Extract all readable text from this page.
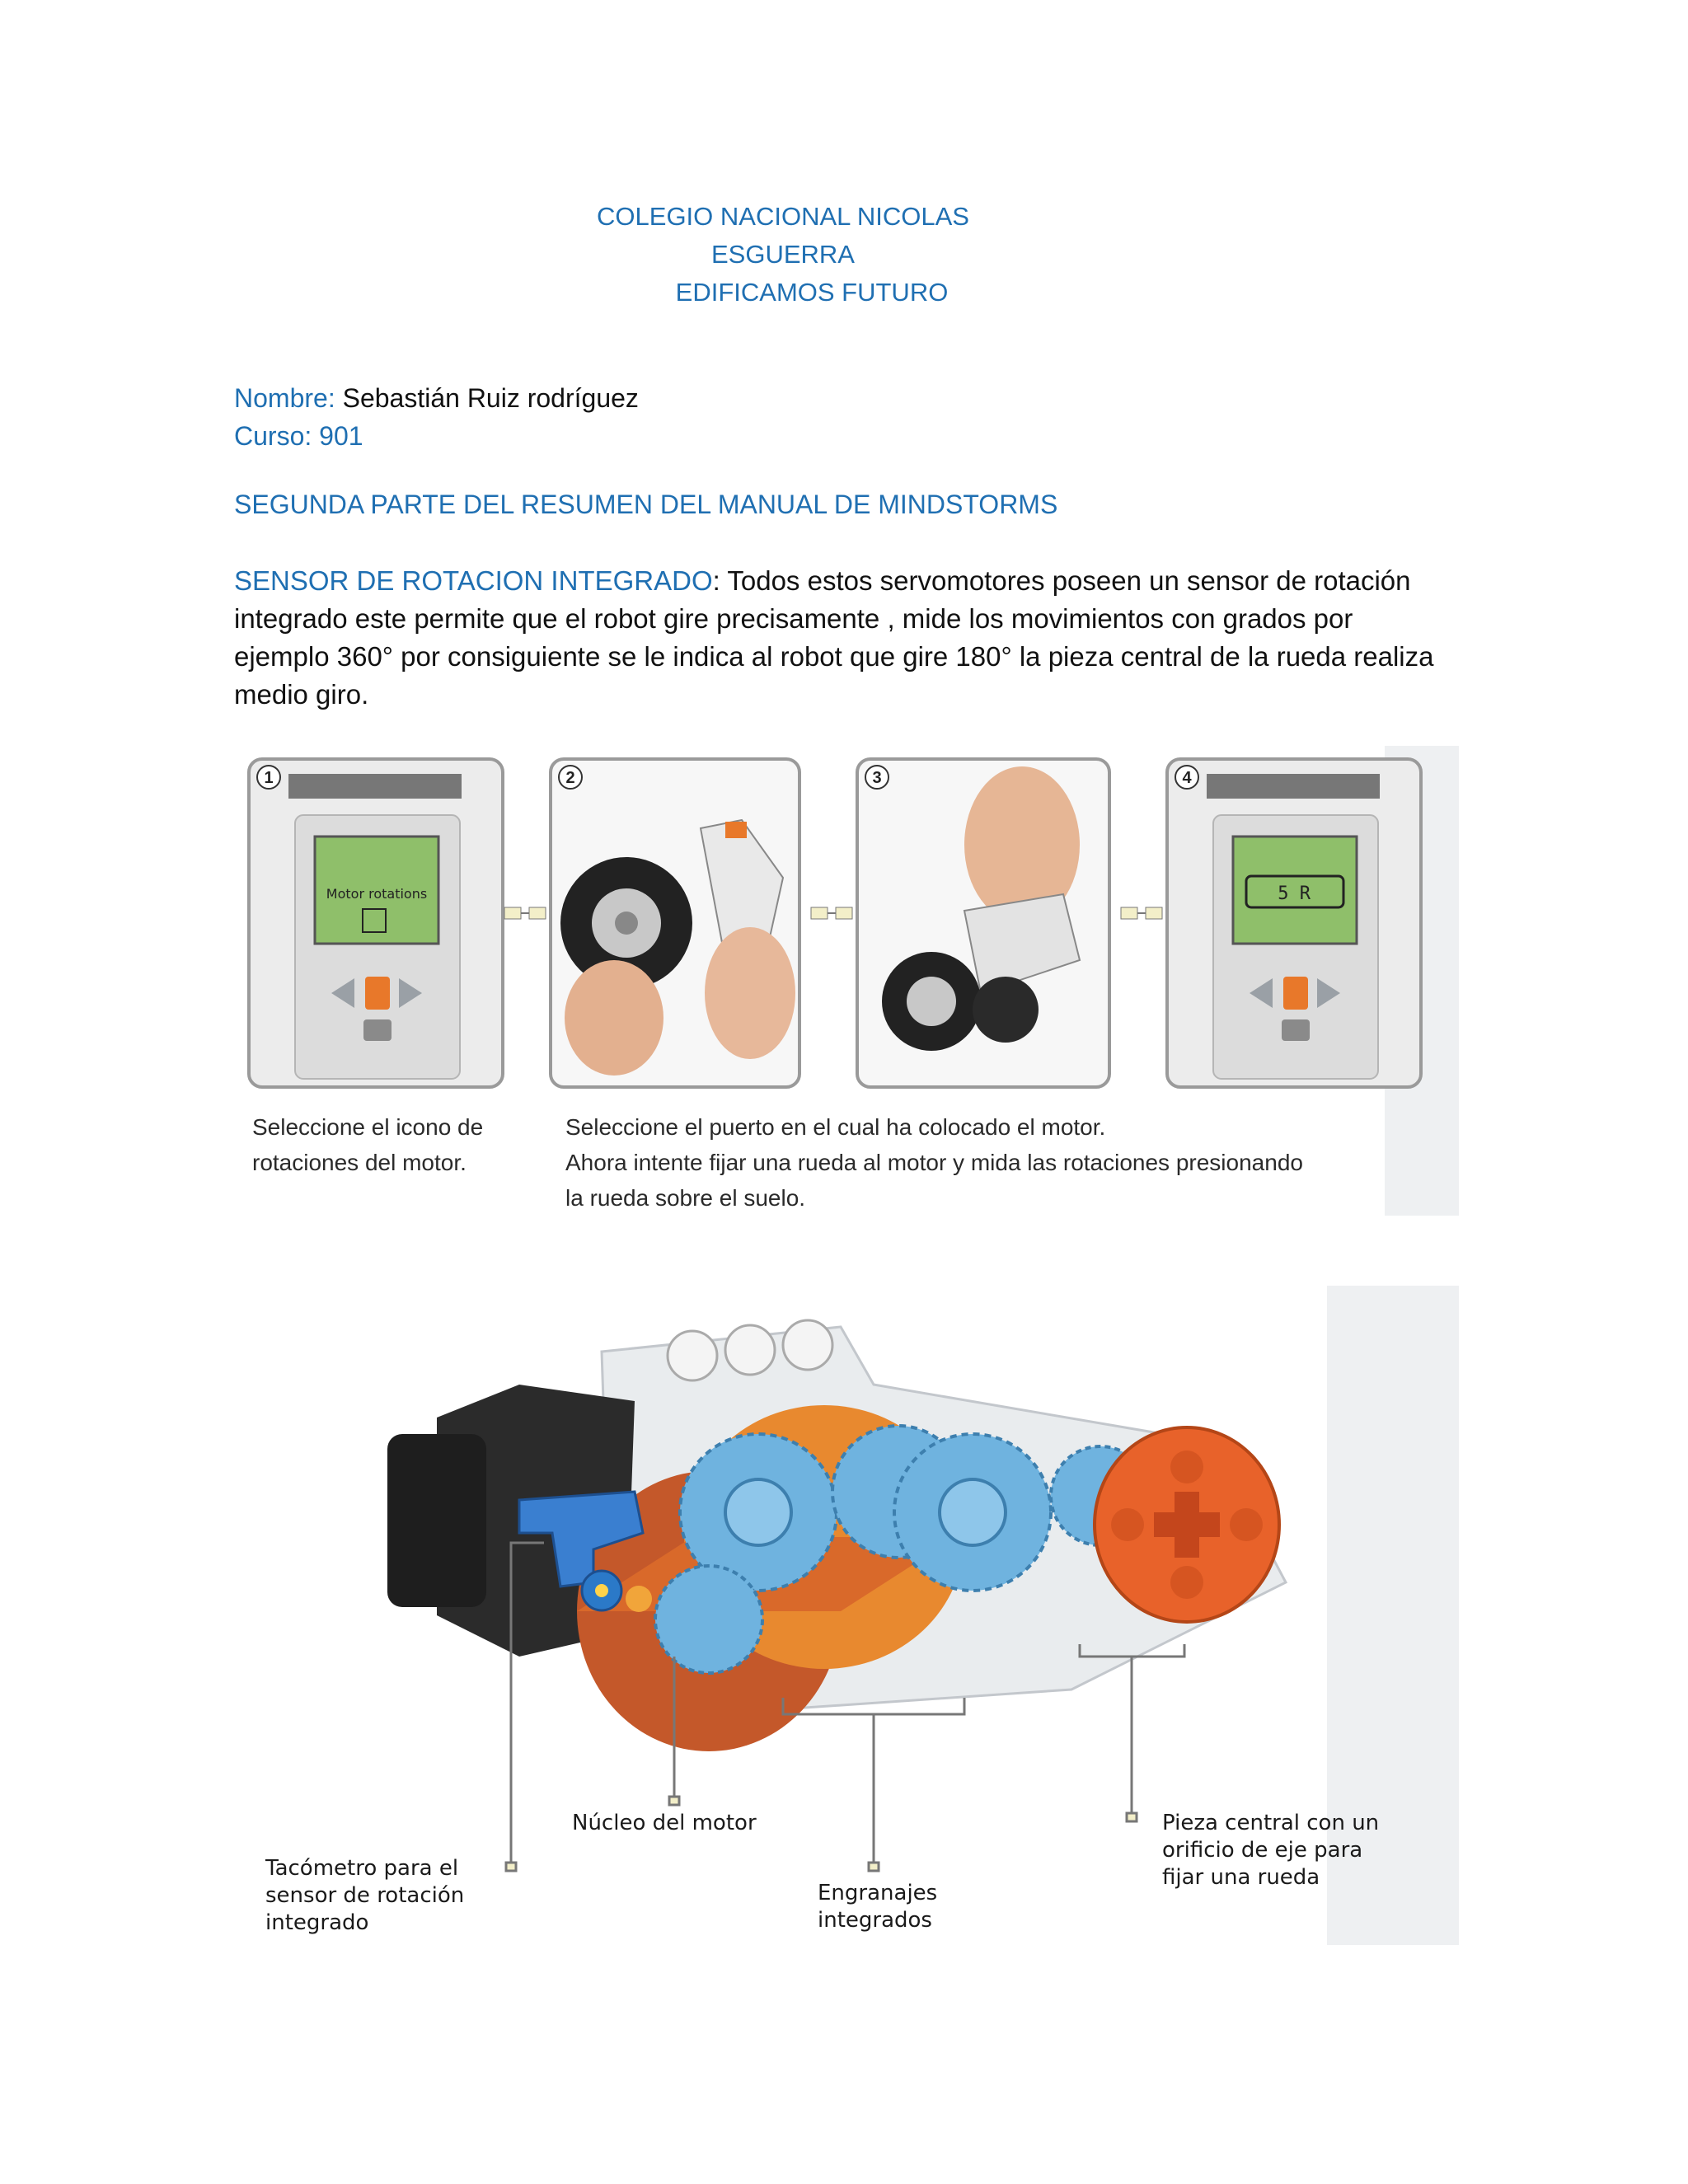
COLEGIO NACIONAL NICOLAS ESGUERRA
EDIFICAMOS FUTURO
Nombre: Sebastián Ruiz rodríguez
Curso: 901
SEGUNDA PARTE DEL RESUMEN DEL MANUAL DE MINDSTORMS
SENSOR DE ROTACION INTEGRADO: Todos estos servomotores poseen un sensor de rotación integrado este permite que el robot gire precisamente , mide los movimientos con grados por ejemplo 360° por consiguiente se le indica al robot que gire 180° la pieza central de la rueda realiza medio giro.
Motor rotations
1	2	3
5 R
4
Seleccione el icono de
rotaciones del motor.
Seleccione el puerto en el cual ha colocado el motor.
Ahora intente fijar una rueda al motor y mida las rotaciones presionando
la rueda sobre el suelo.
Núcleo del motor
Tacómetro para el
sensor de rotación
integrado
Engranajes
integrados
Pieza central con un
orificio de eje para
fijar una rueda
